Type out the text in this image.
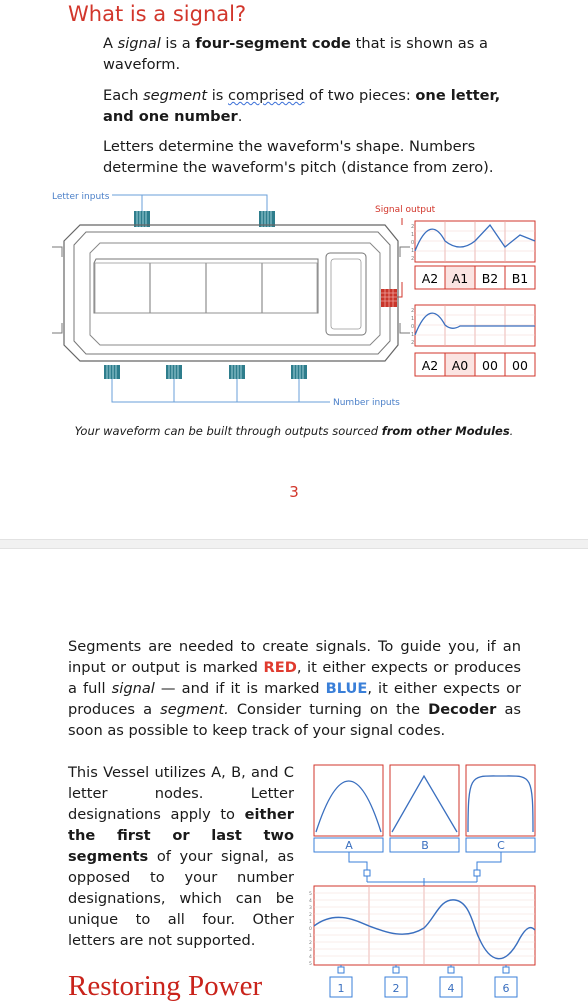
What is a signal?
A signal is a four-segment code that is shown as a waveform.
Each segment is comprised of two pieces: one letter, and one number.
Letters determine the waveform's shape. Numbers determine the waveform's pitch (distance from zero).
Letter inputs
Signal output
Number inputs
2
1
0
1
2
A2 A1 B2 B1
2
1
0
1
2
A2 A0 00 00
Your waveform can be built through outputs sourced from other Modules.
3
Segments are needed to create signals. To guide you, if an input or output is marked RED, it either expects or produces a full signal — and if it is marked BLUE, it either expects or produces a segment. Consider turning on the Decoder as soon as possible to keep track of your signal codes.
This Vessel utilizes A, B, and C letter nodes. Letter designations apply to either the first or last two segments of your signal, as opposed to your number designations, which can be unique to all four. Other letters are not supported.
A	B	C
5
4
3
2
1
0
1
2
3
4
5
1	2	4	6
Restoring Power
